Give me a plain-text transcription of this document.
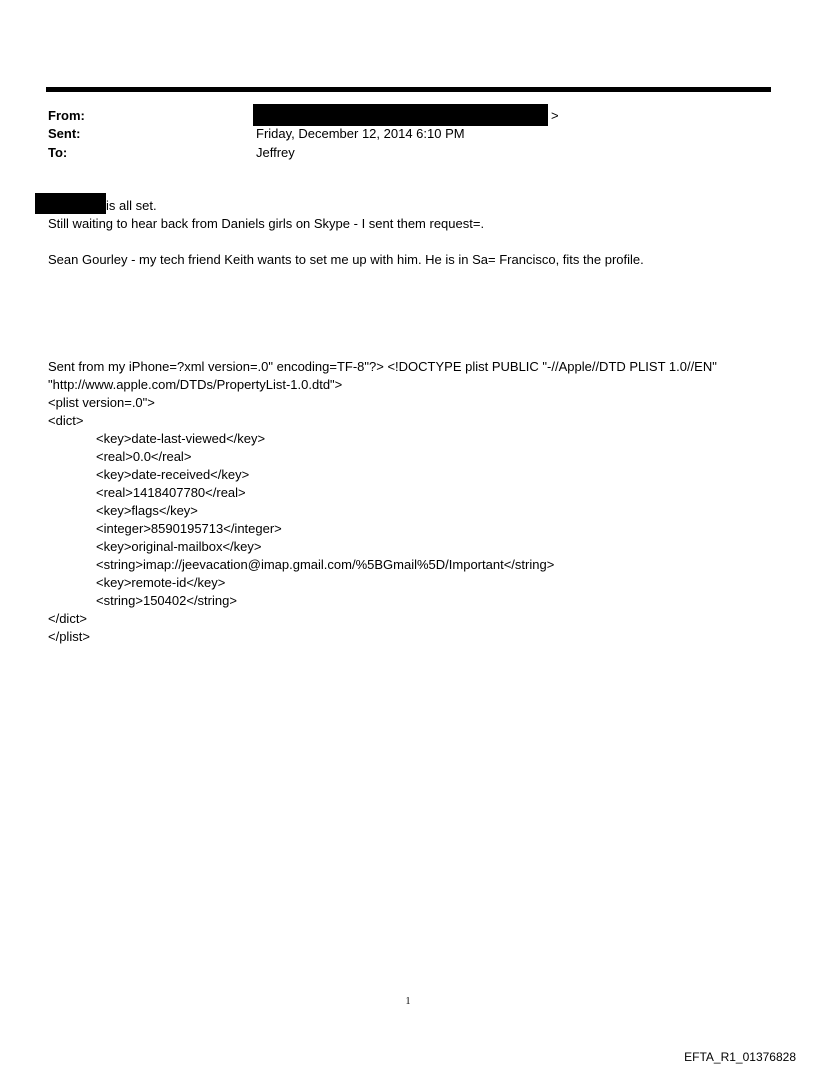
From:	>
Sent:	Friday, December 12, 2014 6:10 PM
To:	Jeffrey
is all set.
Still waiting to hear back from Daniels girls on Skype - I sent them request=.
Sean Gourley - my tech friend Keith wants to set me up with him. He is in Sa= Francisco, fits the profile.
Sent from my iPhone=?xml version=.0" encoding=TF-8"?> <!DOCTYPE plist PUBLIC "-//Apple//DTD PLIST 1.0//EN"
"http://www.apple.com/DTDs/PropertyList-1.0.dtd">
<plist version=.0">
<dict>
<key>date-last-viewed</key>
<real>0.0</real>
<key>date-received</key>
<real>1418407780</real>
<key>flags</key>
<integer>8590195713</integer>
<key>original-mailbox</key>
<string>imap://jeevacation@imap.gmail.com/%5BGmail%5D/Important</string>
<key>remote-id</key>
<string>150402</string>
</dict>
</plist>
1
EFTA_R1_01376828
